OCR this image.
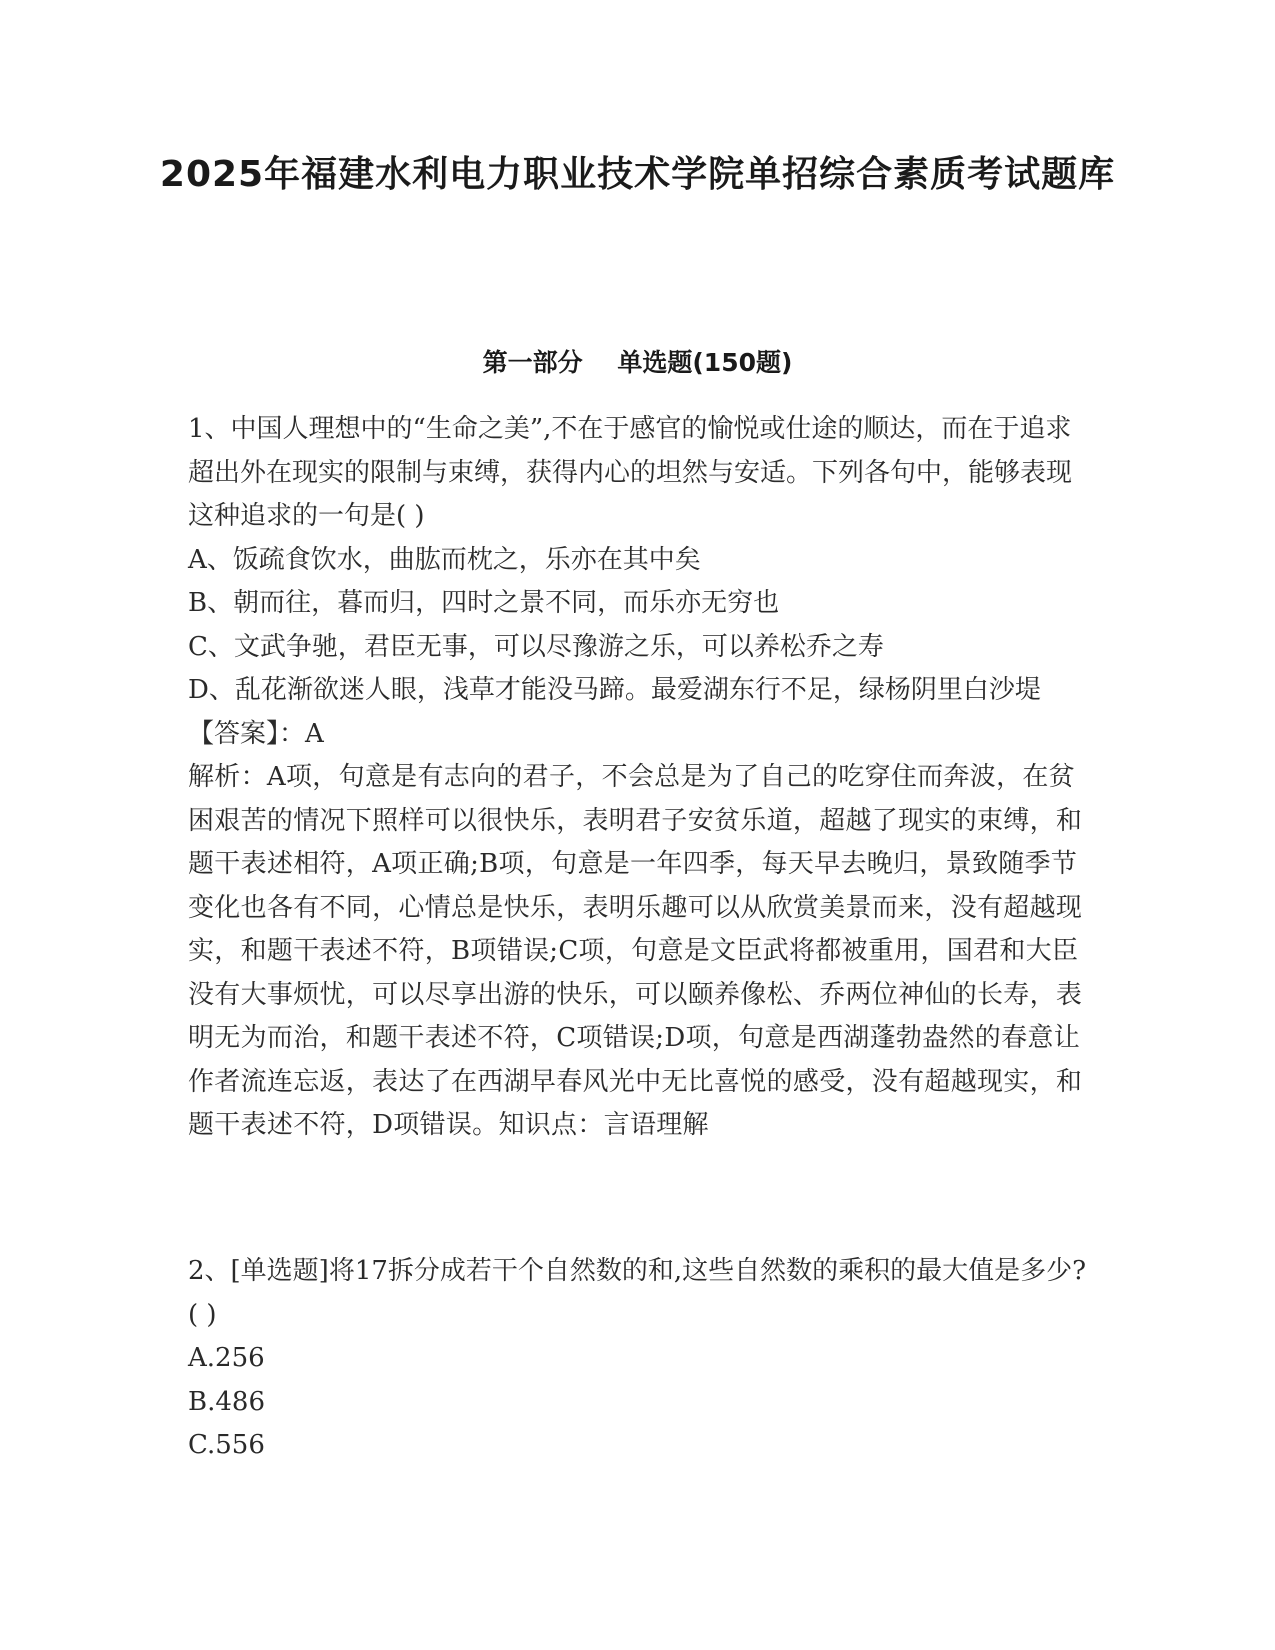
2025年福建水利电力职业技术学院单招综合素质考试题库
第一部分    单选题(150题)

1、中国人理想中的“生命之美”,不在于感官的愉悦或仕途的顺达，而在于追求超出外在现实的限制与束缚，获得内心的坦然与安适。下列各句中，能够表现这种追求的一句是( )

A、饭疏食饮水，曲肱而枕之，乐亦在其中矣

B、朝而往，暮而归，四时之景不同，而乐亦无穷也

C、文武争驰，君臣无事，可以尽豫游之乐，可以养松乔之寿

D、乱花渐欲迷人眼，浅草才能没马蹄。最爱湖东行不足，绿杨阴里白沙堤

【答案】：A

解析：A项，句意是有志向的君子，不会总是为了自己的吃穿住而奔波，在贫困艰苦的情况下照样可以很快乐，表明君子安贫乐道，超越了现实的束缚，和题干表述相符，A项正确;B项，句意是一年四季，每天早去晚归，景致随季节变化也各有不同，心情总是快乐，表明乐趣可以从欣赏美景而来，没有超越现实，和题干表述不符，B项错误;C项，句意是文臣武将都被重用，国君和大臣没有大事烦忧，可以尽享出游的快乐，可以颐养像松、乔两位神仙的长寿，表明无为而治，和题干表述不符，C项错误;D项，句意是西湖蓬勃盎然的春意让作者流连忘返，表达了在西湖早春风光中无比喜悦的感受，没有超越现实，和题干表述不符，D项错误。知识点：言语理解

2、[单选题]将17拆分成若干个自然数的和,这些自然数的乘积的最大值是多少?( )

A.256

B.486

C.556
